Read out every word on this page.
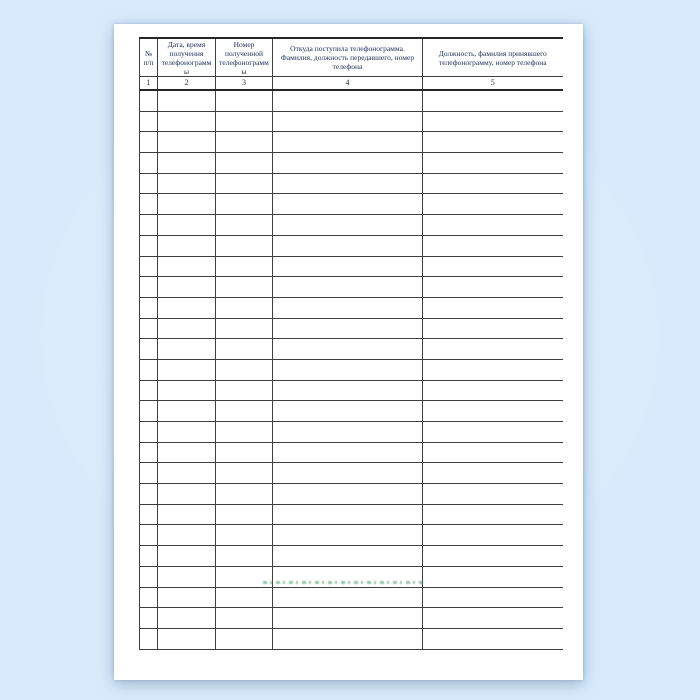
№ п/п	Дата, время получения телефонограммы	Номер полученной телефонограммы	Откуда поступила телефонограмма. Фамилия, должность передавшего, номер телефона	Должность, фамилия принявшего телефонограмму, номер телефона
1	2	3	4	5
